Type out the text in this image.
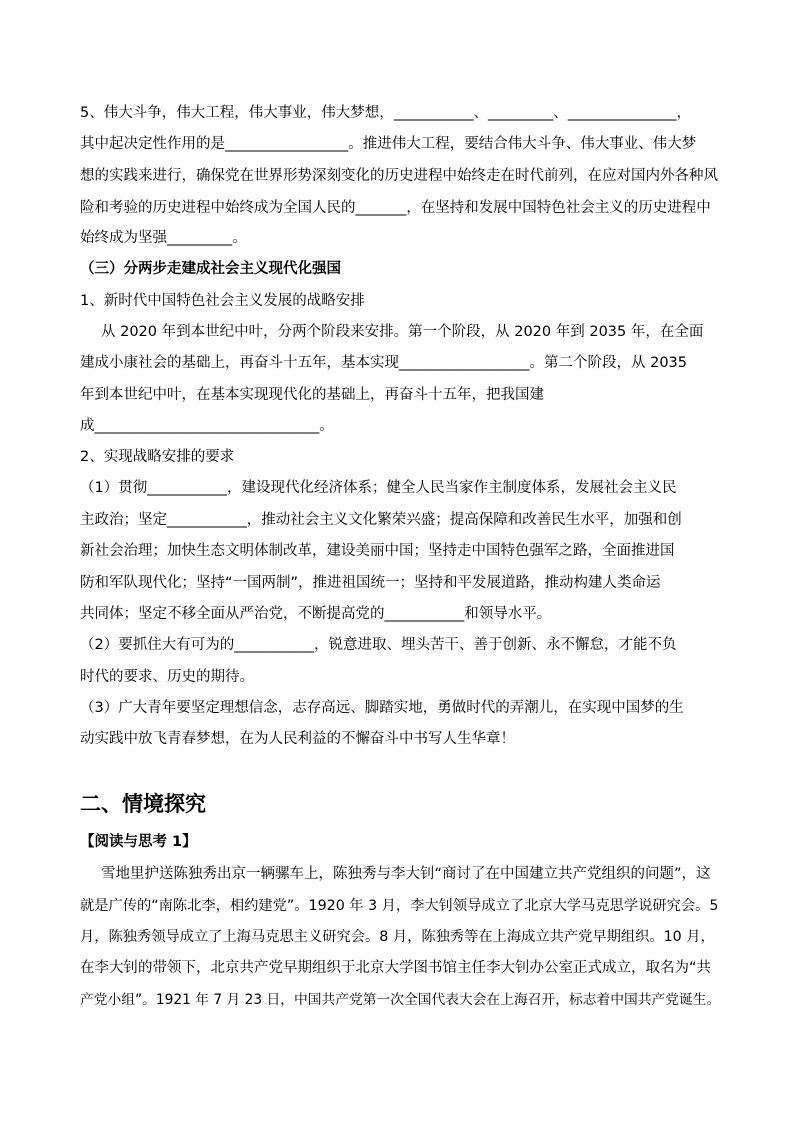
5、伟大斗争，伟大工程，伟大事业，伟大梦想，___________、_________、_______________，
其中起决定性作用的是_________________。推进伟大工程，要结合伟大斗争、伟大事业、伟大梦
想的实践来进行，确保党在世界形势深刻变化的历史进程中始终走在时代前列，在应对国内外各种风
险和考验的历史进程中始终成为全国人民的_______，在坚持和发展中国特色社会主义的历史进程中
始终成为坚强_________。
（三）分两步走建成社会主义现代化强国
1、新时代中国特色社会主义发展的战略安排
从 2020 年到本世纪中叶，分两个阶段来安排。第一个阶段，从 2020 年到 2035 年，在全面
建成小康社会的基础上，再奋斗十五年，基本实现__________________。第二个阶段，从 2035
年到本世纪中叶，在基本实现现代化的基础上，再奋斗十五年，把我国建
成_______________________________。
2、实现战略安排的要求
（1）贯彻___________，建设现代化经济体系；健全人民当家作主制度体系，发展社会主义民
主政治；坚定___________，推动社会主义文化繁荣兴盛；提高保障和改善民生水平，加强和创
新社会治理；加快生态文明体制改革，建设美丽中国；坚持走中国特色强军之路，全面推进国
防和军队现代化；坚持“一国两制”，推进祖国统一；坚持和平发展道路，推动构建人类命运
共同体；坚定不移全面从严治党，不断提高党的___________和领导水平。
（2）要抓住大有可为的___________，锐意进取、埋头苦干、善于创新、永不懈怠，才能不负
时代的要求、历史的期待。
（3）广大青年要坚定理想信念，志存高远、脚踏实地，勇做时代的弄潮儿，在实现中国梦的生
动实践中放飞青春梦想，在为人民利益的不懈奋斗中书写人生华章！
二、情境探究
【阅读与思考 1】
雪地里护送陈独秀出京一辆骡车上，陈独秀与李大钊“商讨了在中国建立共产党组织的问题”，这
就是广传的“南陈北李，相约建党”。1920 年 3 月，李大钊领导成立了北京大学马克思学说研究会。5
月，陈独秀领导成立了上海马克思主义研究会。8 月，陈独秀等在上海成立共产党早期组织。10 月，
在李大钊的带领下，北京共产党早期组织于北京大学图书馆主任李大钊办公室正式成立，取名为“共
产党小组”。1921 年 7 月 23 日，中国共产党第一次全国代表大会在上海召开，标志着中国共产党诞生。
